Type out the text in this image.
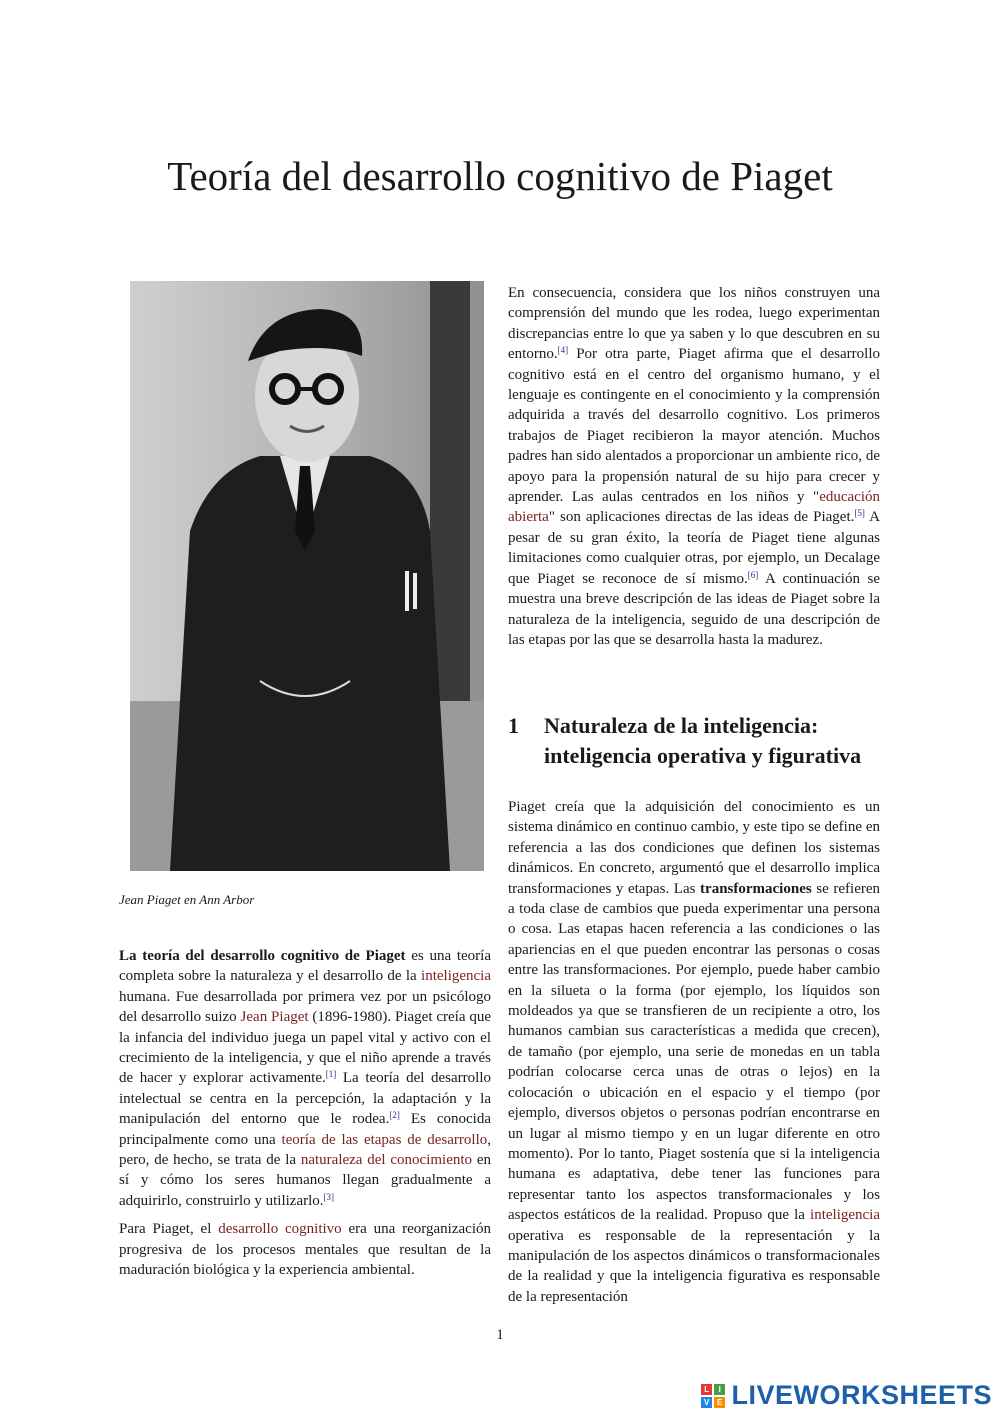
Teoría del desarrollo cognitivo de Piaget
Jean Piaget en Ann Arbor

La teoría del desarrollo cognitivo de Piaget es una teoría completa sobre la naturaleza y el desarrollo de la inteligencia humana. Fue desarrollada por primera vez por un psicólogo del desarrollo suizo Jean Piaget (1896-1980). Piaget creía que la infancia del individuo juega un papel vital y activo con el crecimiento de la inteligencia, y que el niño aprende a través de hacer y explorar activamente.[1] La teoría del desarrollo intelectual se centra en la percepción, la adaptación y la manipulación del entorno que le rodea.[2] Es conocida principalmente como una teoría de las etapas de desarrollo, pero, de hecho, se trata de la naturaleza del conocimiento en sí y cómo los seres humanos llegan gradualmente a adquirirlo, construirlo y utilizarlo.[3]

Para Piaget, el desarrollo cognitivo era una reorganización progresiva de los procesos mentales que resultan de la maduración biológica y la experiencia ambiental.

En consecuencia, considera que los niños construyen una comprensión del mundo que les rodea, luego experimentan discrepancias entre lo que ya saben y lo que descubren en su entorno.[4] Por otra parte, Piaget afirma que el desarrollo cognitivo está en el centro del organismo humano, y el lenguaje es contingente en el conocimiento y la comprensión adquirida a través del desarrollo cognitivo. Los primeros trabajos de Piaget recibieron la mayor atención. Muchos padres han sido alentados a proporcionar un ambiente rico, de apoyo para la propensión natural de su hijo para crecer y aprender. Las aulas centrados en los niños y "educación abierta" son aplicaciones directas de las ideas de Piaget.[5] A pesar de su gran éxito, la teoría de Piaget tiene algunas limitaciones como cualquier otras, por ejemplo, un Decalage que Piaget se reconoce de sí mismo.[6] A continuación se muestra una breve descripción de las ideas de Piaget sobre la naturaleza de la inteligencia, seguido de una descripción de las etapas por las que se desarrolla hasta la madurez.

1	Naturaleza de la inteligencia: inteligencia operativa y figurativa

Piaget creía que la adquisición del conocimiento es un sistema dinámico en continuo cambio, y este tipo se define en referencia a las dos condiciones que definen los sistemas dinámicos. En concreto, argumentó que el desarrollo implica transformaciones y etapas. Las transformaciones se refieren a toda clase de cambios que pueda experimentar una persona o cosa. Las etapas hacen referencia a las condiciones o las apariencias en el que pueden encontrar las personas o cosas entre las transformaciones. Por ejemplo, puede haber cambio en la silueta o la forma (por ejemplo, los líquidos son moldeados ya que se transfieren de un recipiente a otro, los humanos cambian sus características a medida que crecen), de tamaño (por ejemplo, una serie de monedas en un tabla podrían colocarse cerca unas de otras o lejos) en la colocación o ubicación en el espacio y el tiempo (por ejemplo, diversos objetos o personas podrían encontrarse en un lugar al mismo tiempo y en un lugar diferente en otro momento). Por lo tanto, Piaget sostenía que si la inteligencia humana es adaptativa, debe tener las funciones para representar tanto los aspectos transformacionales y los aspectos estáticos de la realidad. Propuso que la inteligencia operativa es responsable de la representación y la manipulación de los aspectos dinámicos o transformacionales de la realidad y que la inteligencia figurativa es responsable de la representación

1
L	I
V E LIVEWORKSHEETS
